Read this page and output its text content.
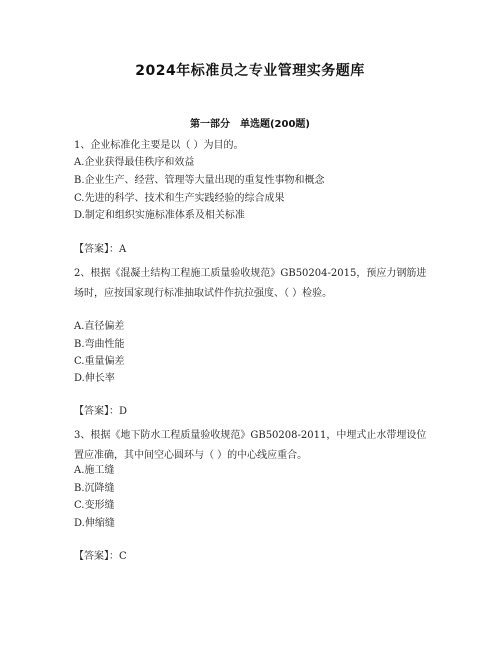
2024年标准员之专业管理实务题库
第一部分 单选题(200题)
1、企业标准化主要是以（ ）为目的。
A.企业获得最佳秩序和效益
B.企业生产、经营、管理等大量出现的重复性事物和概念
C.先进的科学、技术和生产实践经验的综合成果
D.制定和组织实施标准体系及相关标准
【答案】：A
2、根据《混凝土结构工程施工质量验收规范》GB50204-2015，预应力钢筋进场时，应按国家现行标准抽取试件作抗拉强度、（ ）检验。
A.直径偏差
B.弯曲性能
C.重量偏差
D.伸长率
【答案】：D
3、根据《地下防水工程质量验收规范》GB50208-2011，中埋式止水带埋设位置应准确，其中间空心圆环与（ ）的中心线应重合。
A.施工缝
B.沉降缝
C.变形缝
D.伸缩缝
【答案】：C
